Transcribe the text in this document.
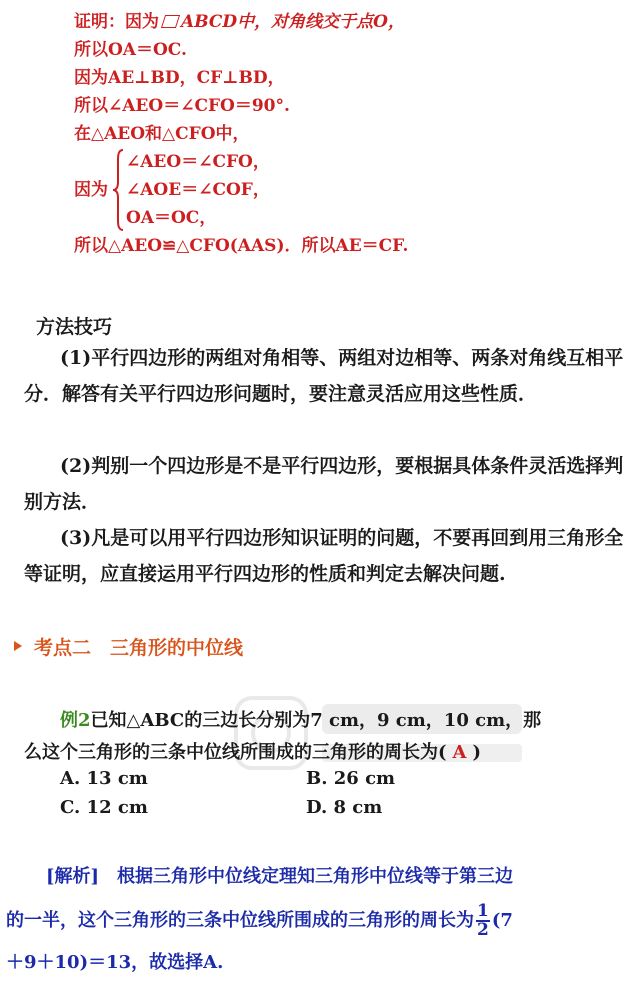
证明：因为 ABCD中，对角线交于点O，
所以OA＝OC.
因为AE⊥BD，CF⊥BD，
所以∠AEO＝∠CFO＝90°.
在△AEO和△CFO中，
因为
∠AEO＝∠CFO，
∠AOE＝∠COF，
OA＝OC，
所以△AEO≌△CFO(AAS)．所以AE＝CF.
方法技巧
(1)平行四边形的两组对角相等、两组对边相等、两条对角线互相平分．解答有关平行四边形问题时，要注意灵活应用这些性质．
(2)判别一个四边形是不是平行四边形，要根据具体条件灵活选择判别方法．
(3)凡是可以用平行四边形知识证明的问题，不要再回到用三角形全等证明，应直接运用平行四边形的性质和判定去解决问题.
考点二　三角形的中位线
例2已知△ABC的三边长分别为7 cm，9 cm，10 cm，那
么这个三角形的三条中位线所围成的三角形的周长为( A )
A. 13 cm	B. 26 cm
C. 12 cm	D. 8 cm
[解析]　根据三角形中位线定理知三角形中位线等于第三边
的一半，这个三角形的三条中位线所围成的三角形的周长为 $\frac{1}{2} (7$
＋9＋10)＝13，故选择A.
